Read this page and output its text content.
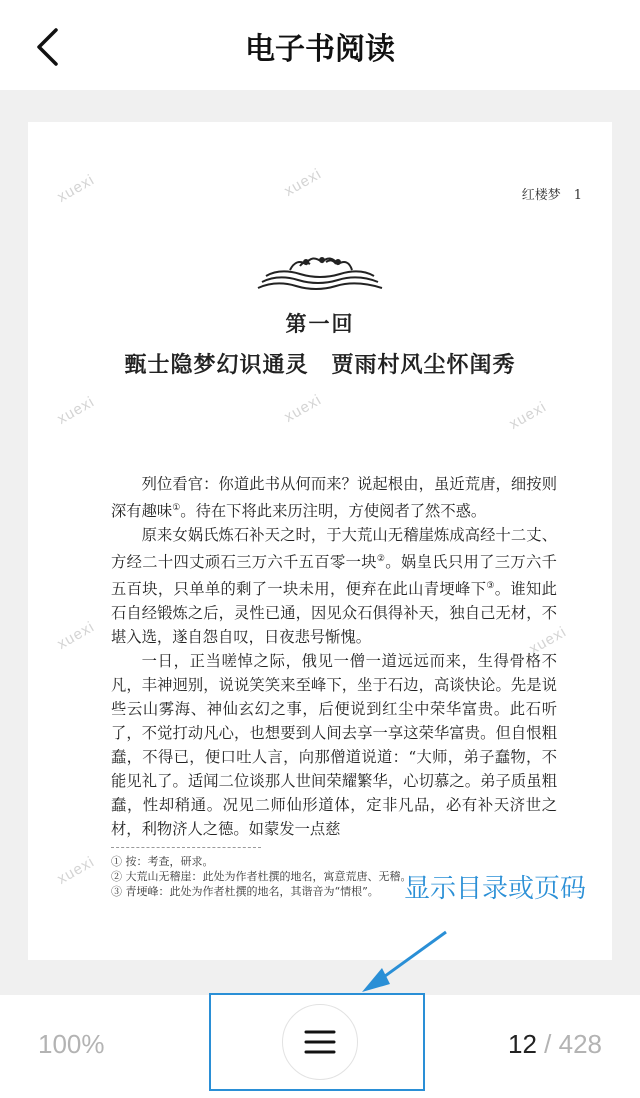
电子书阅读
xuexi	xuexi
xuexi	xuexi	xuexi
xuexi	xuexi
xuexi
红楼梦　1
第一回
甄士隐梦幻识通灵　贾雨村风尘怀闺秀

列位看官：你道此书从何而来？说起根由，虽近荒唐，细按则深有趣味①。待在下将此来历注明，方使阅者了然不惑。

原来女娲氏炼石补天之时，于大荒山无稽崖炼成高经十二丈、方经二十四丈顽石三万六千五百零一块②。娲皇氏只用了三万六千五百块，只单单的剩了一块未用，便弃在此山青埂峰下③。谁知此石自经锻炼之后，灵性已通，因见众石俱得补天，独自己无材，不堪入选，遂自怨自叹，日夜悲号惭愧。

一日，正当嗟悼之际，俄见一僧一道远远而来，生得骨格不凡，丰神迥别，说说笑笑来至峰下，坐于石边，高谈快论。先是说些云山雾海、神仙玄幻之事，后便说到红尘中荣华富贵。此石听了，不觉打动凡心，也想要到人间去享一享这荣华富贵。但自恨粗蠢，不得已，便口吐人言，向那僧道说道：“大师，弟子蠢物，不能见礼了。适闻二位谈那人世间荣耀繁华，心切慕之。弟子质虽粗蠢，性却稍通。况见二师仙形道体，定非凡品，必有补天济世之材，利物济人之德。如蒙发一点慈

① 按：考查，研求。
② 大荒山无稽崖：此处为作者杜撰的地名，寓意荒唐、无稽。
③ 青埂峰：此处为作者杜撰的地名，其谐音为“情根”。 显示目录或页码
100%	12 / 428
